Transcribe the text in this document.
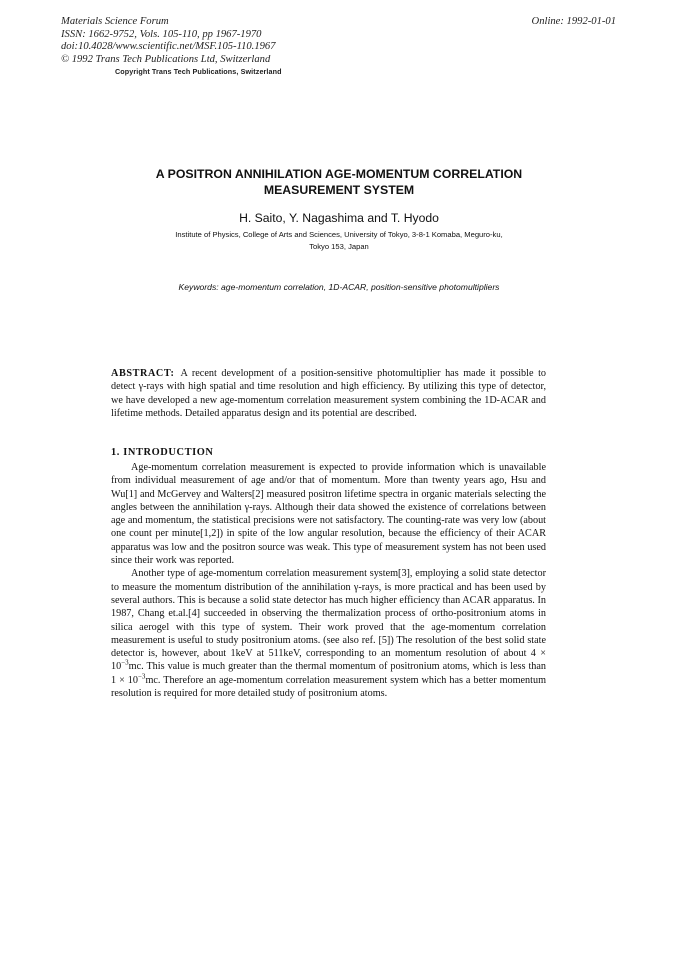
Materials Science Forum
ISSN: 1662-9752, Vols. 105-110, pp 1967-1970
doi:10.4028/www.scientific.net/MSF.105-110.1967
© 1992 Trans Tech Publications Ltd, Switzerland
Copyright Trans Tech Publications, Switzerland
Online: 1992-01-01
A POSITRON ANNIHILATION AGE-MOMENTUM CORRELATION
MEASUREMENT SYSTEM
H. Saito, Y. Nagashima and T. Hyodo
Institute of Physics, College of Arts and Sciences, University of Tokyo, 3-8-1 Komaba, Meguro-ku,
Tokyo 153, Japan
Keywords: age-momentum correlation, 1D-ACAR, position-sensitive photomultipliers

ABSTRACT: A recent development of a position-sensitive photomultiplier has made it possible to detect γ-rays with high spatial and time resolution and high efficiency. By utilizing this type of detector, we have developed a new age-momentum correlation measurement system combining the 1D-ACAR and lifetime methods. Detailed apparatus design and its potential are described.

1. INTRODUCTION

Age-momentum correlation measurement is expected to provide information which is unavailable from individual measurement of age and/or that of momentum. More than twenty years ago, Hsu and Wu[1] and McGervey and Walters[2] measured positron lifetime spectra in organic materials selecting the angles between the annihilation γ-rays. Although their data showed the existence of correlations between age and momentum, the statistical precisions were not satisfactory. The counting-rate was very low (about one count per minute[1,2]) in spite of the low angular resolution, because the efficiency of their ACAR apparatus was low and the positron source was weak. This type of measurement system has not been used since their work was reported.

Another type of age-momentum correlation measurement system[3], employing a solid state detector to measure the momentum distribution of the annihilation γ-rays, is more practical and has been used by several authors. This is because a solid state detector has much higher efficiency than ACAR apparatus. In 1987, Chang et.al.[4] succeeded in observing the thermalization process of ortho-positronium atoms in silica aerogel with this type of system. Their work proved that the age-momentum correlation measurement is useful to study positronium atoms. (see also ref. [5]) The resolution of the best solid state detector is, however, about 1keV at 511keV, corresponding to an momentum resolution of about $4 \times 10^{-3}mc$. This value is much greater than the thermal momentum of positronium atoms, which is less than $1 \times 10^{-3}mc$. Therefore an age-momentum correlation measurement system which has a better momentum resolution is required for more detailed study of positronium atoms.
